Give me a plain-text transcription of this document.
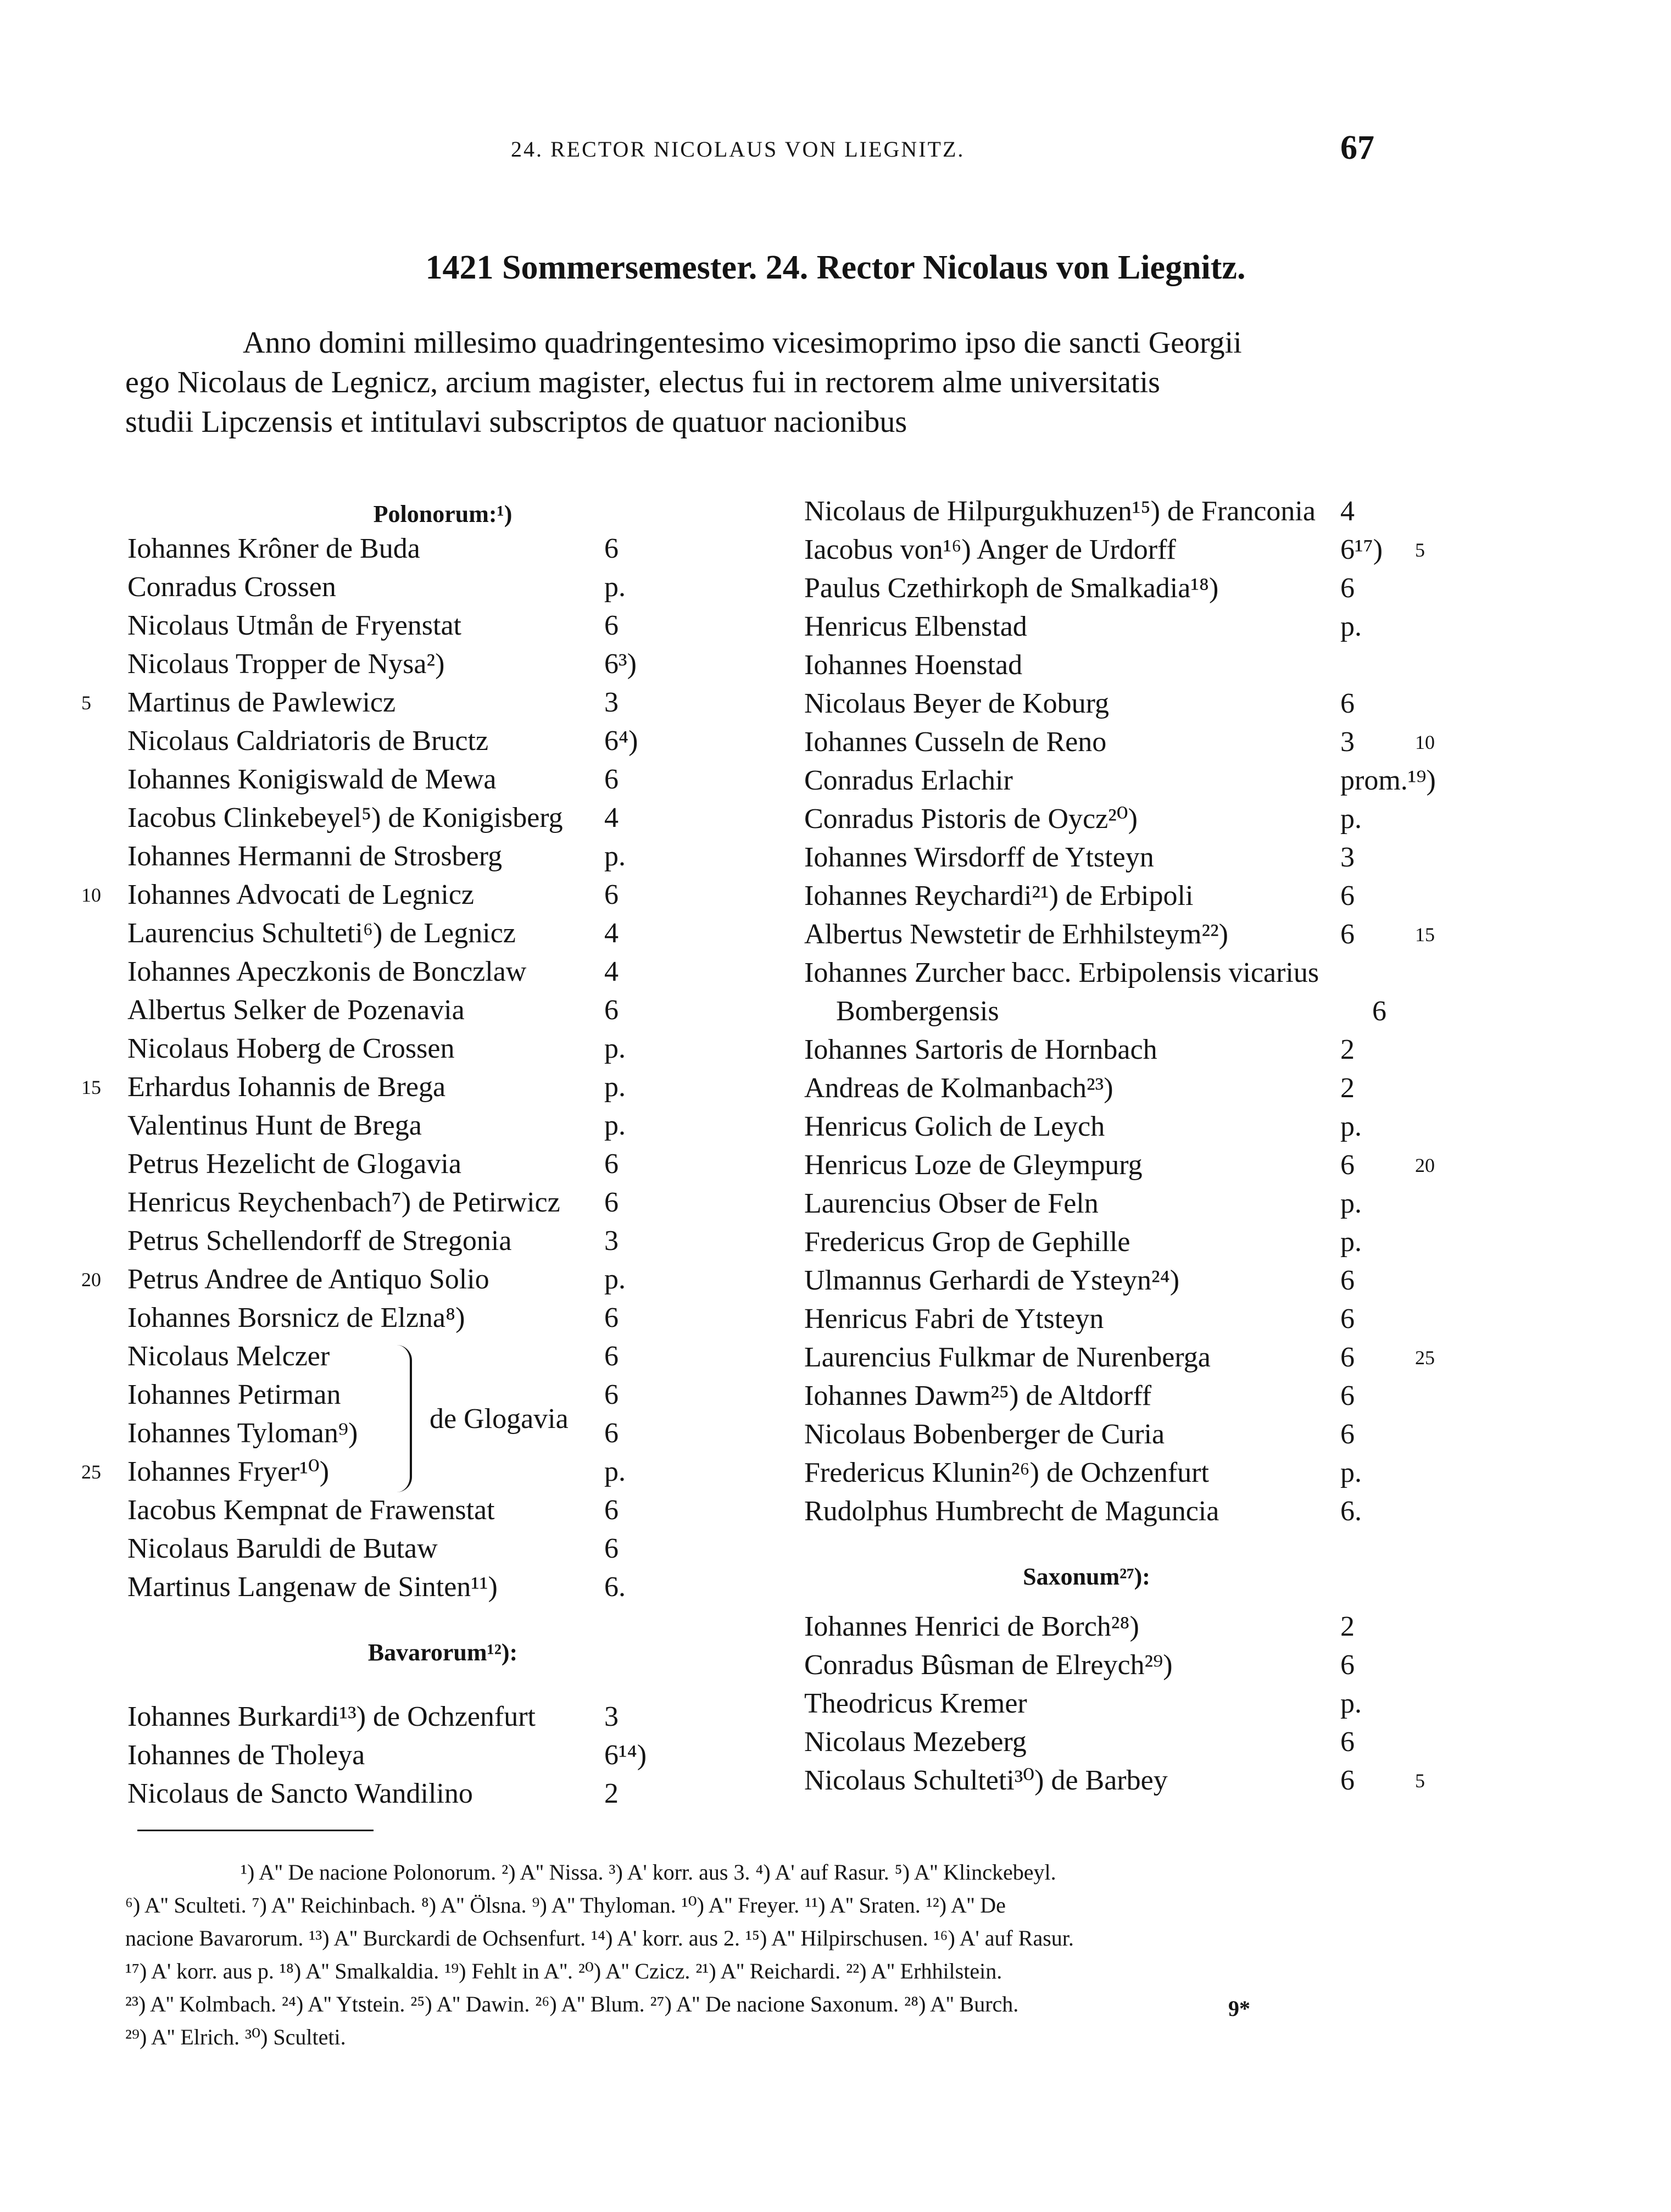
24. RECTOR NICOLAUS VON LIEGNITZ.	67
1421 Sommersemester. 24. Rector Nicolaus von Liegnitz.
Anno domini millesimo quadringentesimo vicesimoprimo ipso die sancti Georgii
ego Nicolaus de Legnicz, arcium magister, electus fui in rectorem alme universitatis
studii Lipczensis et intitulavi subscriptos de quatuor nacionibus
Polonorum:¹)
Iohannes Krôner de Buda	6
Conradus Crossen	p.
Nicolaus Utmån de Fryenstat	6
Nicolaus Tropper de Nysa²)	6³)
Martinus de Pawlewicz	3
5
Nicolaus Caldriatoris de Bructz	6⁴)
Iohannes Konigiswald de Mewa	6
Iacobus Clinkebeyel⁵) de Konigisberg 4
Iohannes Hermanni de Strosberg	p.
Iohannes Advocati de Legnicz	6
10
Laurencius Schulteti⁶) de Legnicz	4
Iohannes Apeczkonis de Bonczlaw	4
Albertus Selker de Pozenavia	6
Nicolaus Hoberg de Crossen	p.
Erhardus Iohannis de Brega	p.
15
Valentinus Hunt de Brega	p.
Petrus Hezelicht de Glogavia	6
Henricus Reychenbach⁷) de Petirwicz 6
Petrus Schellendorff de Stregonia	3
Petrus Andree de Antiquo Solio	p.
20
Iohannes Borsnicz de Elzna⁸)	6
Nicolaus Melczer	6
Iohannes Petirman	6
Iohannes Tyloman⁹)	6
Iohannes Fryer¹⁰)	p.
25
Iacobus Kempnat de Frawenstat	6
Nicolaus Baruldi de Butaw	6
Martinus Langenaw de Sinten¹¹)	6.
Bavarorum¹²):
Iohannes Burkardi¹³) de Ochzenfurt 3
Iohannes de Tholeya	6¹⁴)
Nicolaus de Sancto Wandilino	2
Nicolaus de Hilpurgukhuzen¹⁵) de Franconia 4
Iacobus von¹⁶) Anger de Urdorff	6¹⁷) 5
Paulus Czethirkoph de Smalkadia¹⁸)	6
Henricus Elbenstad	p.
Iohannes Hoenstad
Nicolaus Beyer de Koburg	6
Iohannes Cusseln de Reno	3	10
Conradus Erlachir	prom.¹⁹)
Conradus Pistoris de Oycz²⁰)	p.
Iohannes Wirsdorff de Ytsteyn	3
Iohannes Reychardi²¹) de Erbipoli	6
Albertus Newstetir de Erhhilsteym²²)	6	15
Iohannes Zurcher bacc. Erbipolensis vicarius
Bombergensis	6
Iohannes Sartoris de Hornbach	2
Andreas de Kolmanbach²³)	2
Henricus Golich de Leych	p.
Henricus Loze de Gleympurg	6	20
Laurencius Obser de Feln	p.
Fredericus Grop de Gephille	p.
Ulmannus Gerhardi de Ysteyn²⁴)	6
Henricus Fabri de Ytsteyn	6
Laurencius Fulkmar de Nurenberga	6	25
Iohannes Dawm²⁵) de Altdorff	6
Nicolaus Bobenberger de Curia	6
Fredericus Klunin²⁶) de Ochzenfurt	p.
Rudolphus Humbrecht de Maguncia	6.
Saxonum²⁷):
Iohannes Henrici de Borch²⁸)	2
Conradus Bûsman de Elreych²⁹)	6
Theodricus Kremer	p.
Nicolaus Mezeberg	6
Nicolaus Schulteti³⁰) de Barbey	6	5
de Glogavia
¹) A'' De nacione Polonorum. ²) A'' Nissa. ³) A' korr. aus 3. ⁴) A' auf Rasur. ⁵) A'' Klinckebeyl.
⁶) A'' Sculteti. ⁷) A'' Reichinbach. ⁸) A'' Ölsna. ⁹) A'' Thyloman. ¹⁰) A'' Freyer. ¹¹) A'' Sraten. ¹²) A'' De
nacione Bavarorum. ¹³) A'' Burckardi de Ochsenfurt. ¹⁴) A' korr. aus 2. ¹⁵) A'' Hilpirschusen. ¹⁶) A' auf Rasur.
¹⁷) A' korr. aus p. ¹⁸) A'' Smalkaldia. ¹⁹) Fehlt in A''. ²⁰) A'' Czicz. ²¹) A'' Reichardi. ²²) A'' Erhhilstein.
²³) A'' Kolmbach. ²⁴) A'' Ytstein. ²⁵) A'' Dawin. ²⁶) A'' Blum. ²⁷) A'' De nacione Saxonum. ²⁸) A'' Burch.
²⁹) A'' Elrich. ³⁰) Sculteti.
9*
